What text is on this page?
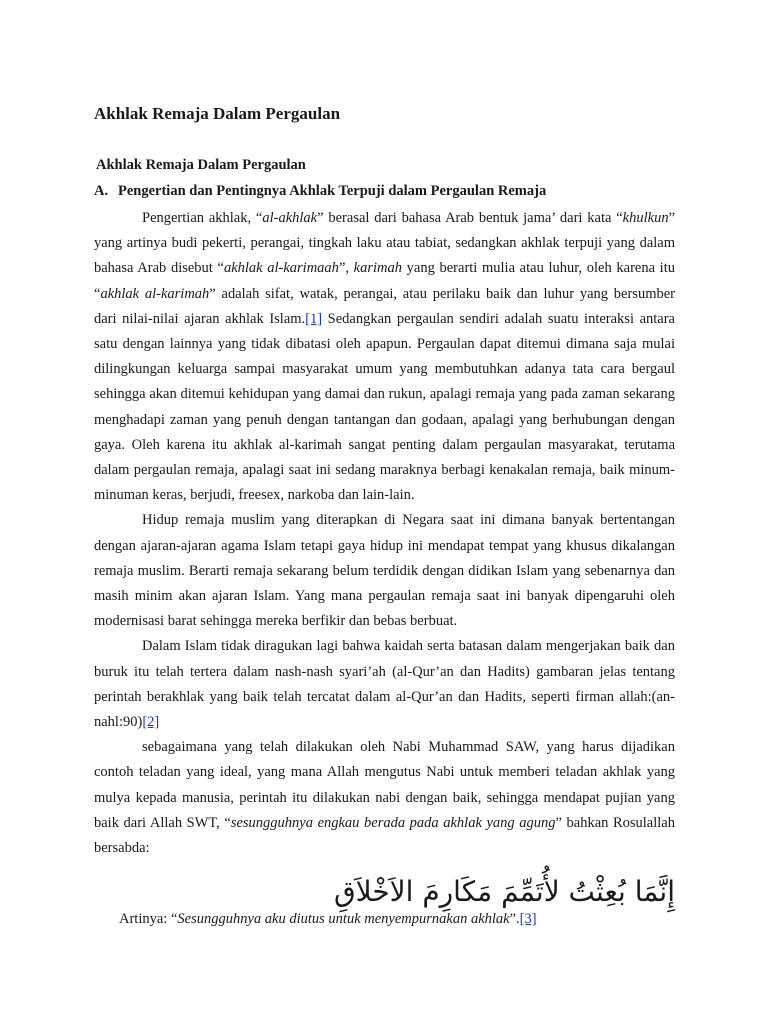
Akhlak Remaja Dalam Pergaulan
Akhlak Remaja Dalam Pergaulan
A. Pengertian dan Pentingnya Akhlak Terpuji dalam Pergaulan Remaja

Pengertian akhlak, “al-akhlak” berasal dari bahasa Arab bentuk jama’ dari kata “khulkun” yang artinya budi pekerti, perangai, tingkah laku atau tabiat, sedangkan akhlak terpuji yang dalam bahasa Arab disebut “akhlak al-karimaah”, karimah yang berarti mulia atau luhur, oleh karena itu “akhlak al-karimah” adalah sifat, watak, perangai, atau perilaku baik dan luhur yang bersumber dari nilai-nilai ajaran akhlak Islam.[1] Sedangkan pergaulan sendiri adalah suatu interaksi antara satu dengan lainnya yang tidak dibatasi oleh apapun. Pergaulan dapat ditemui dimana saja mulai dilingkungan keluarga sampai masyarakat umum yang membutuhkan adanya tata cara bergaul sehingga akan ditemui kehidupan yang damai dan rukun, apalagi remaja yang pada zaman sekarang menghadapi zaman yang penuh dengan tantangan dan godaan, apalagi yang berhubungan dengan gaya. Oleh karena itu akhlak al-karimah sangat penting dalam pergaulan masyarakat, terutama dalam pergaulan remaja, apalagi saat ini sedang maraknya berbagi kenakalan remaja, baik minum-minuman keras, berjudi, freesex, narkoba dan lain-lain.

Hidup remaja muslim yang diterapkan di Negara saat ini dimana banyak bertentangan dengan ajaran-ajaran agama Islam tetapi gaya hidup ini mendapat tempat yang khusus dikalangan remaja muslim. Berarti remaja sekarang belum terdidik dengan didikan Islam yang sebenarnya dan masih minim akan ajaran Islam. Yang mana pergaulan remaja saat ini banyak dipengaruhi oleh modernisasi barat sehingga mereka berfikir dan bebas berbuat.

Dalam Islam tidak diragukan lagi bahwa kaidah serta batasan dalam mengerjakan baik dan buruk itu telah tertera dalam nash-nash syari’ah (al-Qur’an dan Hadits) gambaran jelas tentang perintah berakhlak yang baik telah tercatat dalam al-Qur’an dan Hadits, seperti firman allah:(an-nahl:90)[2]

sebagaimana yang telah dilakukan oleh Nabi Muhammad SAW, yang harus dijadikan contoh teladan yang ideal, yang mana Allah mengutus Nabi untuk memberi teladan akhlak yang mulya kepada manusia, perintah itu dilakukan nabi dengan baik, sehingga mendapat pujian yang baik dari Allah SWT, “sesungguhnya engkau berada pada akhlak yang agung” bahkan Rosulallah bersabda:

إِنَّمَا بُعِثْتُ لأُتَمِّمَ مَكَارِمَ الاَخْلاَقِ

Artinya: “Sesungguhnya aku diutus untuk menyempurnakan akhlak”.[3]
